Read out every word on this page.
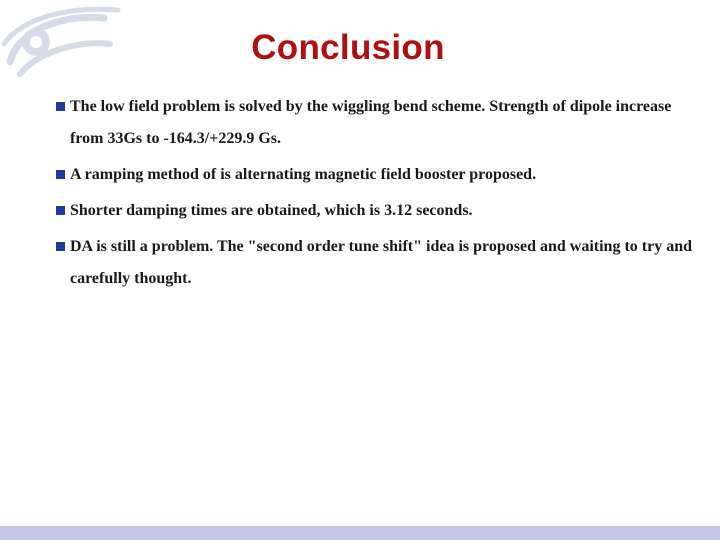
Conclusion
The low field problem is solved by the wiggling bend scheme. Strength of dipole increase from 33Gs to -164.3/+229.9 Gs.
A ramping method of is alternating magnetic field booster proposed.
Shorter damping times are obtained, which is 3.12 seconds.
DA is still a problem. The "second order tune shift" idea is proposed and waiting to try and carefully thought.
